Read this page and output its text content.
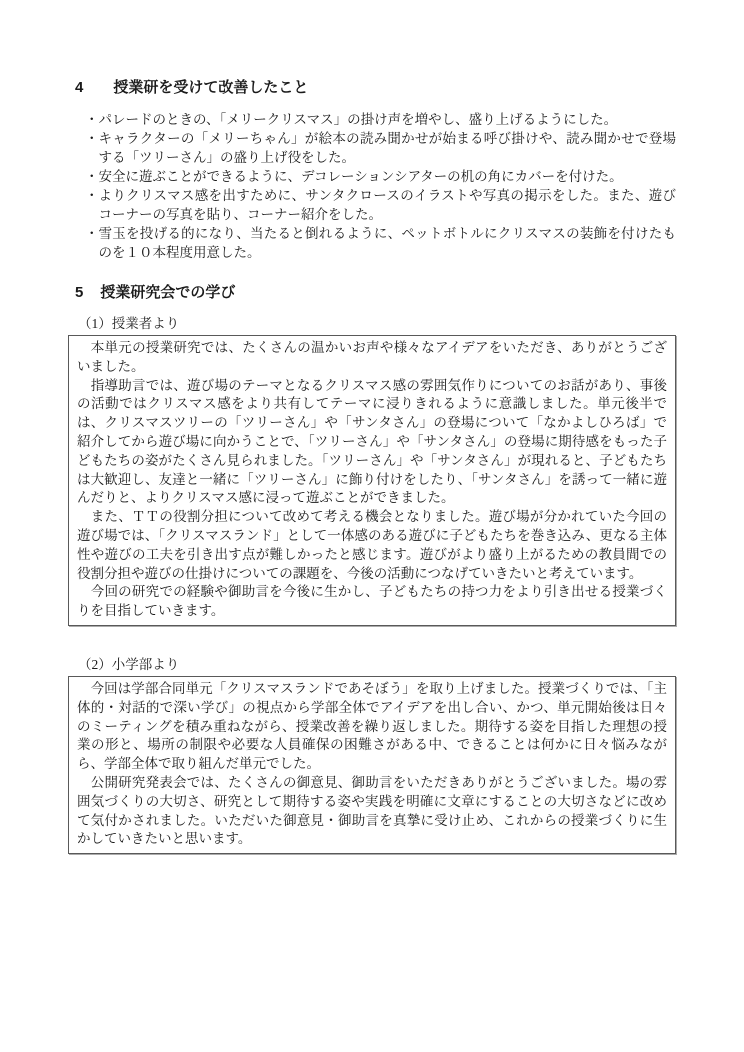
4 授業研を受けて改善したこと
・ パレードのときの、「メリークリスマス」の掛け声を増やし、盛り上げるようにした。
・ キャラクターの「メリーちゃん」が絵本の読み聞かせが始まる呼び掛けや、読み聞かせで登場する「ツリーさん」の盛り上げ役をした。
・ 安全に遊ぶことができるように、デコレーションシアターの机の角にカバーを付けた。
・ よりクリスマス感を出すために、サンタクロースのイラストや写真の掲示をした。また、遊びコーナーの写真を貼り、コーナー紹介をした。
・ 雪玉を投げる的になり、当たると倒れるように、ペットボトルにクリスマスの装飾を付けたものを１０本程度用意した。
5 授業研究会での学び
（1）授業者より

　本単元の授業研究では、たくさんの温かいお声や様々なアイデアをいただき、ありがとうございました。

　指導助言では、遊び場のテーマとなるクリスマス感の雰囲気作りについてのお話があり、事後の活動ではクリスマス感をより共有してテーマに浸りきれるように意識しました。単元後半では、クリスマスツリーの「ツリーさん」や「サンタさん」の登場について「なかよしひろば」で紹介してから遊び場に向かうことで、「ツリーさん」や「サンタさん」の登場に期待感をもった子どもたちの姿がたくさん見られました。「ツリーさん」や「サンタさん」が現れると、子どもたちは大歓迎し、友達と一緒に「ツリーさん」に飾り付けをしたり、「サンタさん」を誘って一緒に遊んだりと、よりクリスマス感に浸って遊ぶことができました。

　また、ＴＴの役割分担について改めて考える機会となりました。遊び場が分かれていた今回の遊び場では、「クリスマスランド」として一体感のある遊びに子どもたちを巻き込み、更なる主体性や遊びの工夫を引き出す点が難しかったと感じます。遊びがより盛り上がるための教員間での役割分担や遊びの仕掛けについての課題を、今後の活動につなげていきたいと考えています。

　今回の研究での経験や御助言を今後に生かし、子どもたちの持つ力をより引き出せる授業づくりを目指していきます。

（2）小学部より

　今回は学部合同単元「クリスマスランドであそぼう」を取り上げました。授業づくりでは、「主体的・対話的で深い学び」の視点から学部全体でアイデアを出し合い、かつ、単元開始後は日々のミーティングを積み重ねながら、授業改善を繰り返しました。期待する姿を目指した理想の授業の形と、場所の制限や必要な人員確保の困難さがある中、できることは何かに日々悩みながら、学部全体で取り組んだ単元でした。

　公開研究発表会では、たくさんの御意見、御助言をいただきありがとうございました。場の雰囲気づくりの大切さ、研究として期待する姿や実践を明確に文章にすることの大切さなどに改めて気付かされました。いただいた御意見・御助言を真摯に受け止め、これからの授業づくりに生かしていきたいと思います。
